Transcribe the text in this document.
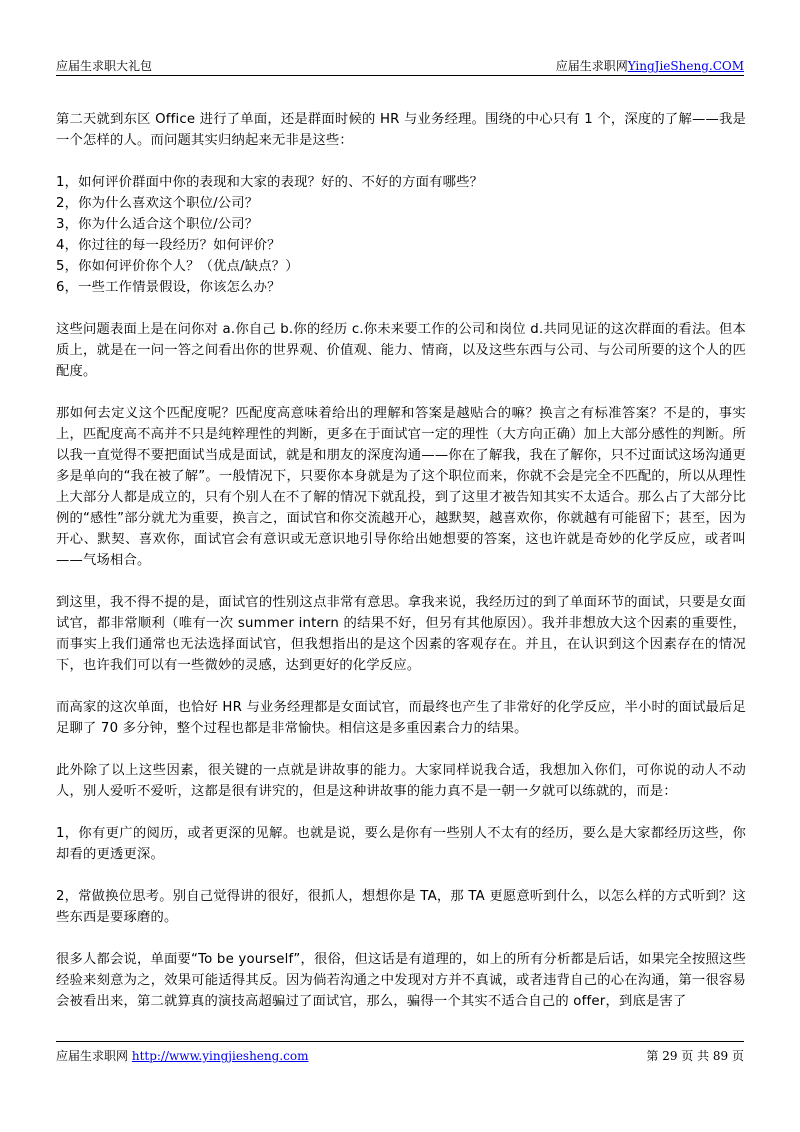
应届生求职大礼包	应届生求职网YingJieSheng.COM

第二天就到东区 Office 进行了单面，还是群面时候的 HR 与业务经理。围绕的中心只有 1 个，深度的了解——我是一个怎样的人。而问题其实归纳起来无非是这些：

1，如何评价群面中你的表现和大家的表现？好的、不好的方面有哪些？
2，你为什么喜欢这个职位/公司？
3，你为什么适合这个职位/公司？
4，你过往的每一段经历？如何评价？
5，你如何评价你个人？（优点/缺点？）
6，一些工作情景假设，你该怎么办？

这些问题表面上是在问你对 a.你自己 b.你的经历 c.你未来要工作的公司和岗位 d.共同见证的这次群面的看法。但本质上，就是在一问一答之间看出你的世界观、价值观、能力、情商，以及这些东西与公司、与公司所要的这个人的匹配度。

那如何去定义这个匹配度呢？匹配度高意味着给出的理解和答案是越贴合的嘛？换言之有标准答案？不是的，事实上，匹配度高不高并不只是纯粹理性的判断，更多在于面试官一定的理性（大方向正确）加上大部分感性的判断。所以我一直觉得不要把面试当成是面试，就是和朋友的深度沟通——你在了解我，我在了解你，只不过面试这场沟通更多是单向的“我在被了解”。一般情况下，只要你本身就是为了这个职位而来，你就不会是完全不匹配的，所以从理性上大部分人都是成立的，只有个别人在不了解的情况下就乱投，到了这里才被告知其实不太适合。那么占了大部分比例的“感性”部分就尤为重要，换言之，面试官和你交流越开心，越默契，越喜欢你，你就越有可能留下；甚至，因为开心、默契、喜欢你，面试官会有意识或无意识地引导你给出她想要的答案，这也许就是奇妙的化学反应，或者叫——气场相合。

到这里，我不得不提的是，面试官的性别这点非常有意思。拿我来说，我经历过的到了单面环节的面试，只要是女面试官，都非常顺利（唯有一次 summer intern 的结果不好，但另有其他原因）。我并非想放大这个因素的重要性，而事实上我们通常也无法选择面试官，但我想指出的是这个因素的客观存在。并且，在认识到这个因素存在的情况下，也许我们可以有一些微妙的灵感，达到更好的化学反应。

而高家的这次单面，也恰好 HR 与业务经理都是女面试官，而最终也产生了非常好的化学反应，半小时的面试最后足足聊了 70 多分钟，整个过程也都是非常愉快。相信这是多重因素合力的结果。

此外除了以上这些因素，很关键的一点就是讲故事的能力。大家同样说我合适，我想加入你们，可你说的动人不动人，别人爱听不爱听，这都是很有讲究的，但是这种讲故事的能力真不是一朝一夕就可以练就的，而是：

1，你有更广的阅历，或者更深的见解。也就是说，要么是你有一些别人不太有的经历，要么是大家都经历这些，你却看的更透更深。

2，常做换位思考。别自己觉得讲的很好，很抓人，想想你是 TA，那 TA 更愿意听到什么，以怎么样的方式听到？这些东西是要琢磨的。

很多人都会说，单面要“To be yourself”，很俗，但这话是有道理的，如上的所有分析都是后话，如果完全按照这些经验来刻意为之，效果可能适得其反。因为倘若沟通之中发现对方并不真诚，或者违背自己的心在沟通，第一很容易会被看出来，第二就算真的演技高超骗过了面试官，那么，骗得一个其实不适合自己的 offer，到底是害了

应届生求职网 http://www.yingjiesheng.com	第 29 页 共 89 页
